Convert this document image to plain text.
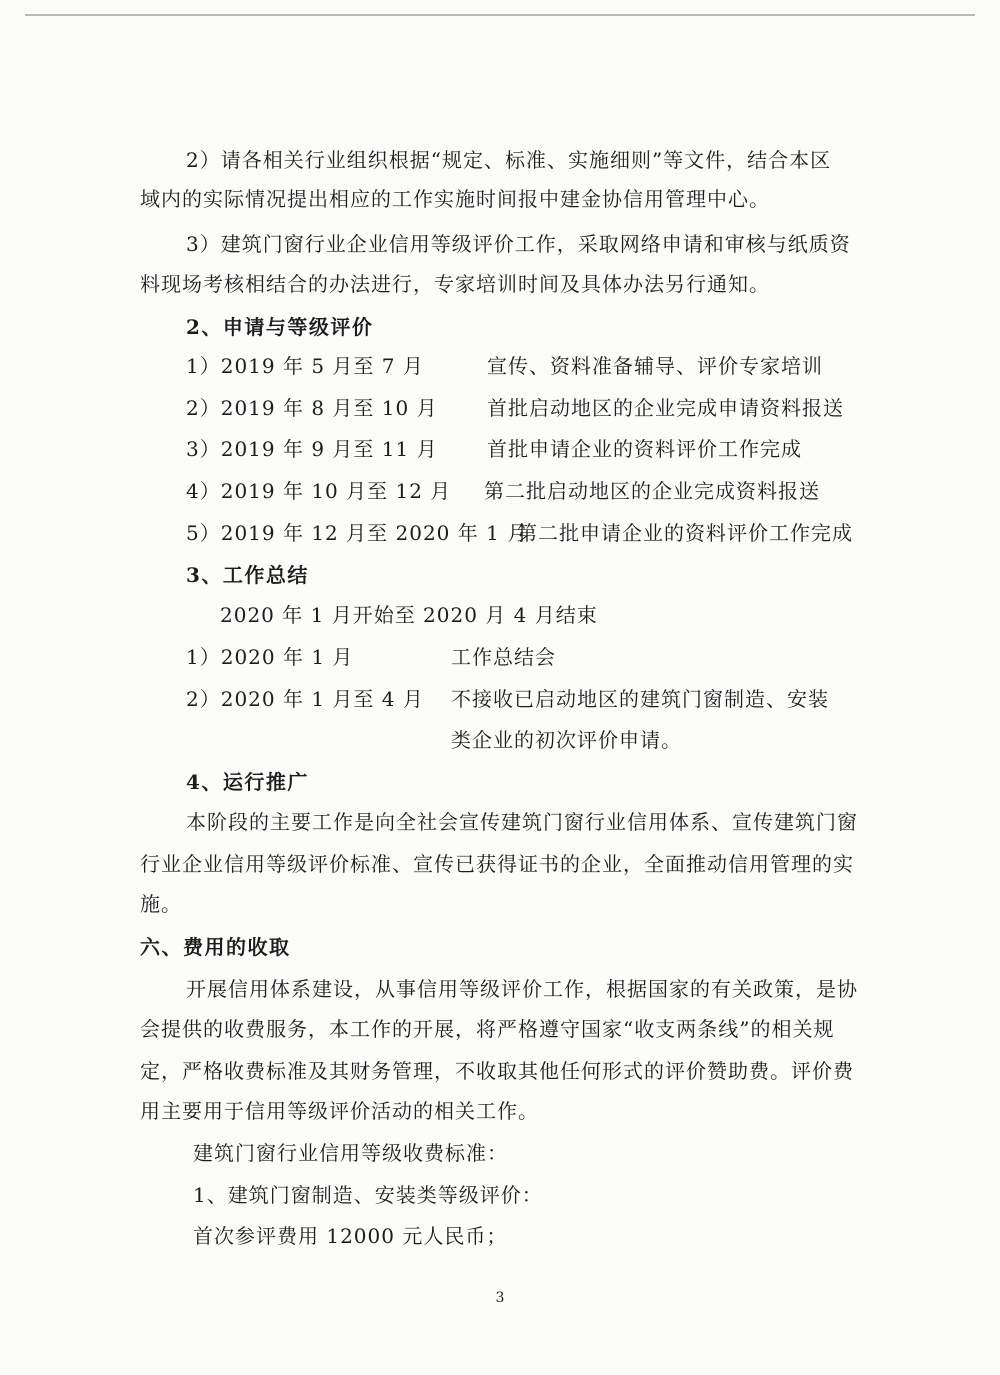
2）请各相关行业组织根据“规定、标准、实施细则”等文件，结合本区
域内的实际情况提出相应的工作实施时间报中建金协信用管理中心。
3）建筑门窗行业企业信用等级评价工作，采取网络申请和审核与纸质资
料现场考核相结合的办法进行，专家培训时间及具体办法另行通知。
2、申请与等级评价
1）2019 年 5 月至 7 月	宣传、资料准备辅导、评价专家培训
2）2019 年 8 月至 10 月 首批启动地区的企业完成申请资料报送
3）2019 年 9 月至 11 月 首批申请企业的资料评价工作完成
4）2019 年 10 月至 12 月 第二批启动地区的企业完成资料报送
5）2019 年 12 月至 2020 年 1 月
第二批申请企业的资料评价工作完成
3、工作总结
2020 年 1 月开始至 2020 月 4 月结束
1）2020 年 1 月	工作总结会
2）2020 年 1 月至 4 月 不接收已启动地区的建筑门窗制造、安装
类企业的初次评价申请。
4、运行推广
本阶段的主要工作是向全社会宣传建筑门窗行业信用体系、宣传建筑门窗
行业企业信用等级评价标准、宣传已获得证书的企业，全面推动信用管理的实
施。
六、费用的收取
开展信用体系建设，从事信用等级评价工作，根据国家的有关政策，是协
会提供的收费服务，本工作的开展，将严格遵守国家“收支两条线”的相关规
定，严格收费标准及其财务管理，不收取其他任何形式的评价赞助费。评价费
用主要用于信用等级评价活动的相关工作。
建筑门窗行业信用等级收费标准：
1、建筑门窗制造、安装类等级评价：
首次参评费用 12000 元人民币；
3
